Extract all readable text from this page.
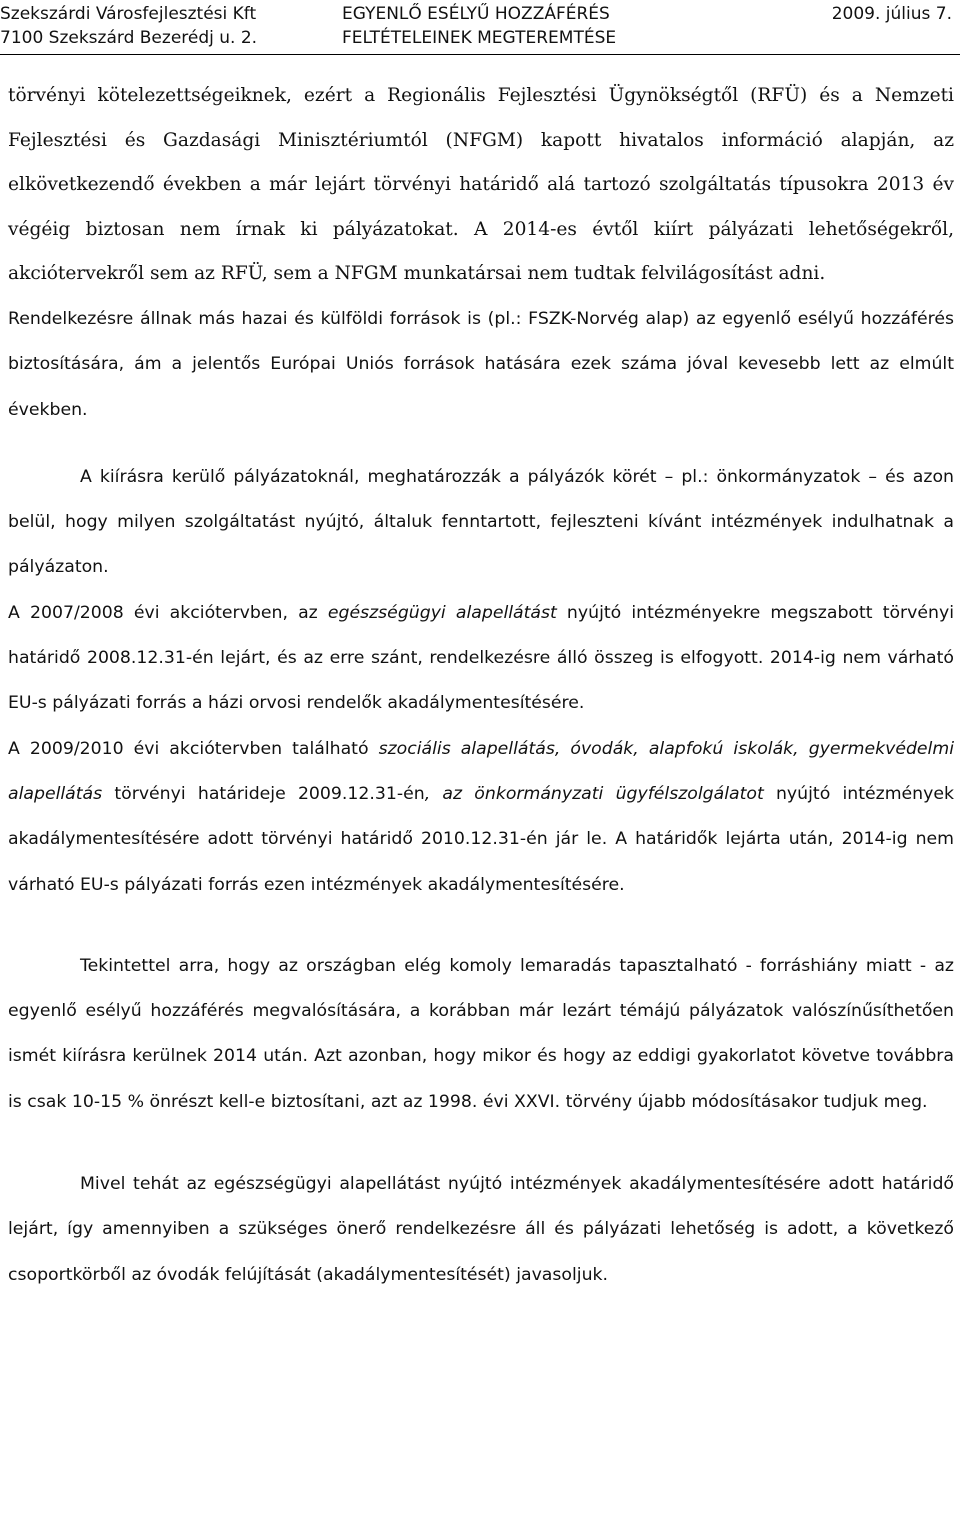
Szekszárdi Városfejlesztési Kft
7100 Szekszárd Bezerédj u. 2.
EGYENLŐ ESÉLYŰ HOZZÁFÉRÉS
FELTÉTELEINEK MEGTEREMTÉSE
2009. július 7.

törvényi kötelezettségeiknek, ezért a Regionális Fejlesztési Ügynökségtől (RFÜ) és a Nemzeti Fejlesztési és Gazdasági Minisztériumtól (NFGM) kapott hivatalos információ alapján, az elkövetkezendő években a már lejárt törvényi határidő alá tartozó szolgáltatás típusokra 2013 év végéig biztosan nem írnak ki pályázatokat. A 2014-es évtől kiírt pályázati lehetőségekről, akciótervekről sem az RFÜ, sem a NFGM munkatársai nem tudtak felvilágosítást adni.

Rendelkezésre állnak más hazai és külföldi források is (pl.: FSZK-Norvég alap) az egyenlő esélyű hozzáférés biztosítására, ám a jelentős Európai Uniós források hatására ezek száma jóval kevesebb lett az elmúlt években.

A kiírásra kerülő pályázatoknál, meghatározzák a pályázók körét – pl.: önkormányzatok – és azon belül, hogy milyen szolgáltatást nyújtó, általuk fenntartott, fejleszteni kívánt intézmények indulhatnak a pályázaton.

A 2007/2008 évi akciótervben, az egészségügyi alapellátást nyújtó intézményekre megszabott törvényi határidő 2008.12.31-én lejárt, és az erre szánt, rendelkezésre álló összeg is elfogyott. 2014-ig nem várható EU-s pályázati forrás a házi orvosi rendelők akadálymentesítésére.

A 2009/2010 évi akciótervben található szociális alapellátás, óvodák, alapfokú iskolák, gyermekvédelmi alapellátás törvényi határideje 2009.12.31-én, az önkormányzati ügyfélszolgálatot nyújtó intézmények akadálymentesítésére adott törvényi határidő 2010.12.31-én jár le. A határidők lejárta után, 2014-ig nem várható EU-s pályázati forrás ezen intézmények akadálymentesítésére.

Tekintettel arra, hogy az országban elég komoly lemaradás tapasztalható - forráshiány miatt - az egyenlő esélyű hozzáférés megvalósítására, a korábban már lezárt témájú pályázatok valószínűsíthetően ismét kiírásra kerülnek 2014 után. Azt azonban, hogy mikor és hogy az eddigi gyakorlatot követve továbbra is csak 10-15 % önrészt kell-e biztosítani, azt az 1998. évi XXVI. törvény újabb módosításakor tudjuk meg.

Mivel tehát az egészségügyi alapellátást nyújtó intézmények akadálymentesítésére adott határidő lejárt, így amennyiben a szükséges önerő rendelkezésre áll és pályázati lehetőség is adott, a következő csoportkörből az óvodák felújítását (akadálymentesítését) javasoljuk.
